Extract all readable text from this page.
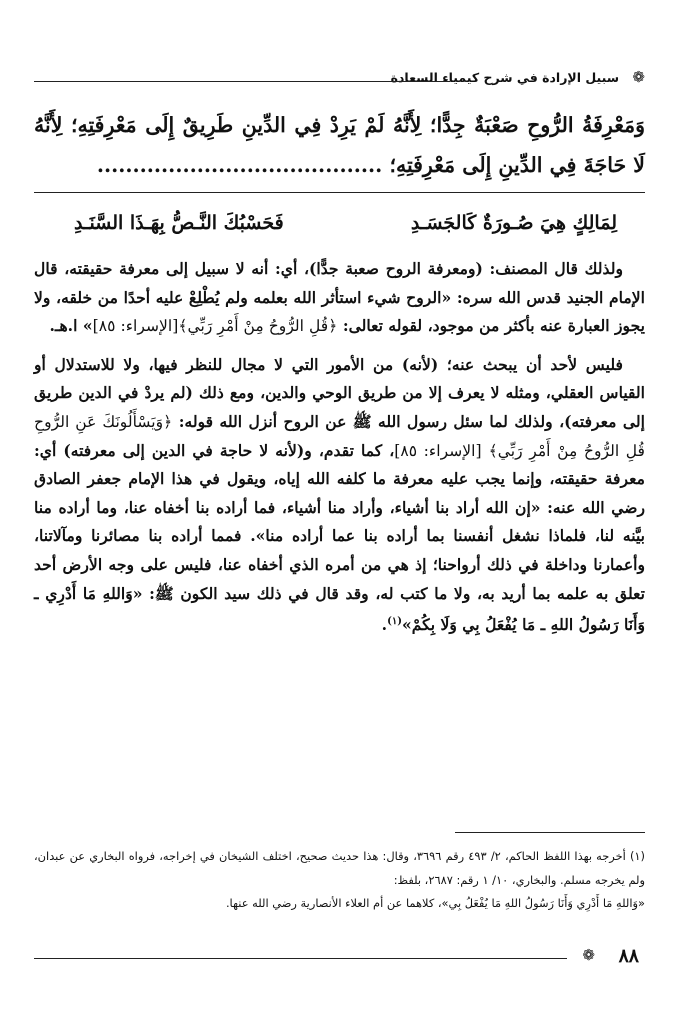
❁
سبيل الإرادة في شرح كيمياء السعادة
وَمَعْرِفَةُ الرُّوحِ صَعْبَةٌ جِدًّا؛ لِأَنَّهُ لَمْ يَرِدْ فِي الدِّينِ طَرِيقٌ إِلَى مَعْرِفَتِهِ؛ لِأَنَّهُ لَا حَاجَةَ فِي الدِّينِ إِلَى مَعْرِفَتِهِ؛ ........................................
لِمَالِكٍ هِيَ صُـورَةٌ كَالجَسَـدِ
فَحَسْبُكَ النَّـصُّ بِهَـذَا السَّنَـدِ

ولذلك قال المصنف: (ومعرفة الروح صعبة جدًّا)، أي: أنه لا سبيل إلى معرفة حقيقته، قال الإمام الجنيد قدس الله سره: «الروح شيء استأثر الله بعلمه ولم يُطْلِعْ عليه أحدًا من خلقه، ولا يجوز العبارة عنه بأكثر من موجود، لقوله تعالى: ﴿قُلِ الرُّوحُ مِنْ أَمْرِ رَبِّي﴾[الإسراء: ٨٥]» ا.هـ.

فليس لأحد أن يبحث عنه؛ (لأنه) من الأمور التي لا مجال للنظر فيها، ولا للاستدلال أو القياس العقلي، ومثله لا يعرف إلا من طريق الوحي والدين، ومع ذلك (لم يردْ في الدين طريق إلى معرفته)، ولذلك لما سئل رسول الله ﷺ عن الروح أنزل الله قوله: ﴿وَيَسْأَلُونَكَ عَنِ الرُّوحِ قُلِ الرُّوحُ مِنْ أَمْرِ رَبِّي﴾ [الإسراء: ٨٥]، كما تقدم، و(لأنه لا حاجة في الدين إلى معرفته) أي: معرفة حقيقته، وإنما يجب عليه معرفة ما كلفه الله إياه، ويقول في هذا الإمام جعفر الصادق رضي الله عنه: «إن الله أراد بنا أشياء، وأراد منا أشياء، فما أراده بنا أخفاه عنا، وما أراده منا بيَّنه لنا، فلماذا نشغل أنفسنا بما أراده بنا عما أراده منا». فمما أراده بنا مصائرنا ومآلاتنا، وأعمارنا وداخلة في ذلك أرواحنا؛ إذ هي من أمره الذي أخفاه عنا، فليس على وجه الأرض أحد تعلق به علمه بما أريد به، ولا ما كتب له، وقد قال في ذلك سيد الكون ﷺ: «وَاللهِ مَا أَدْرِي ـ وَأَنَا رَسُولُ اللهِ ـ مَا يُفْعَلُ بِي وَلَا بِكُمْ»$^{(١)}$.

(١) أخرجه بهذا اللفظ الحاكم، ٢/ ٤٩٣ رقم ٣٦٩٦، وقال: هذا حديث صحيح، اختلف الشيخان في إخراجه، فرواه البخاري عن عبدان، ولم يخرجه مسلم. والبخاري، ١٠/ ١ رقم: ٢٦٨٧، بلفظ:

«وَاللهِ مَا أَدْرِي وَأَنَا رَسُولُ اللهِ مَا يُفْعَلُ بِي»، كلاهما عن أم العلاء الأنصارية رضي الله عنها.

٨٨
❁
